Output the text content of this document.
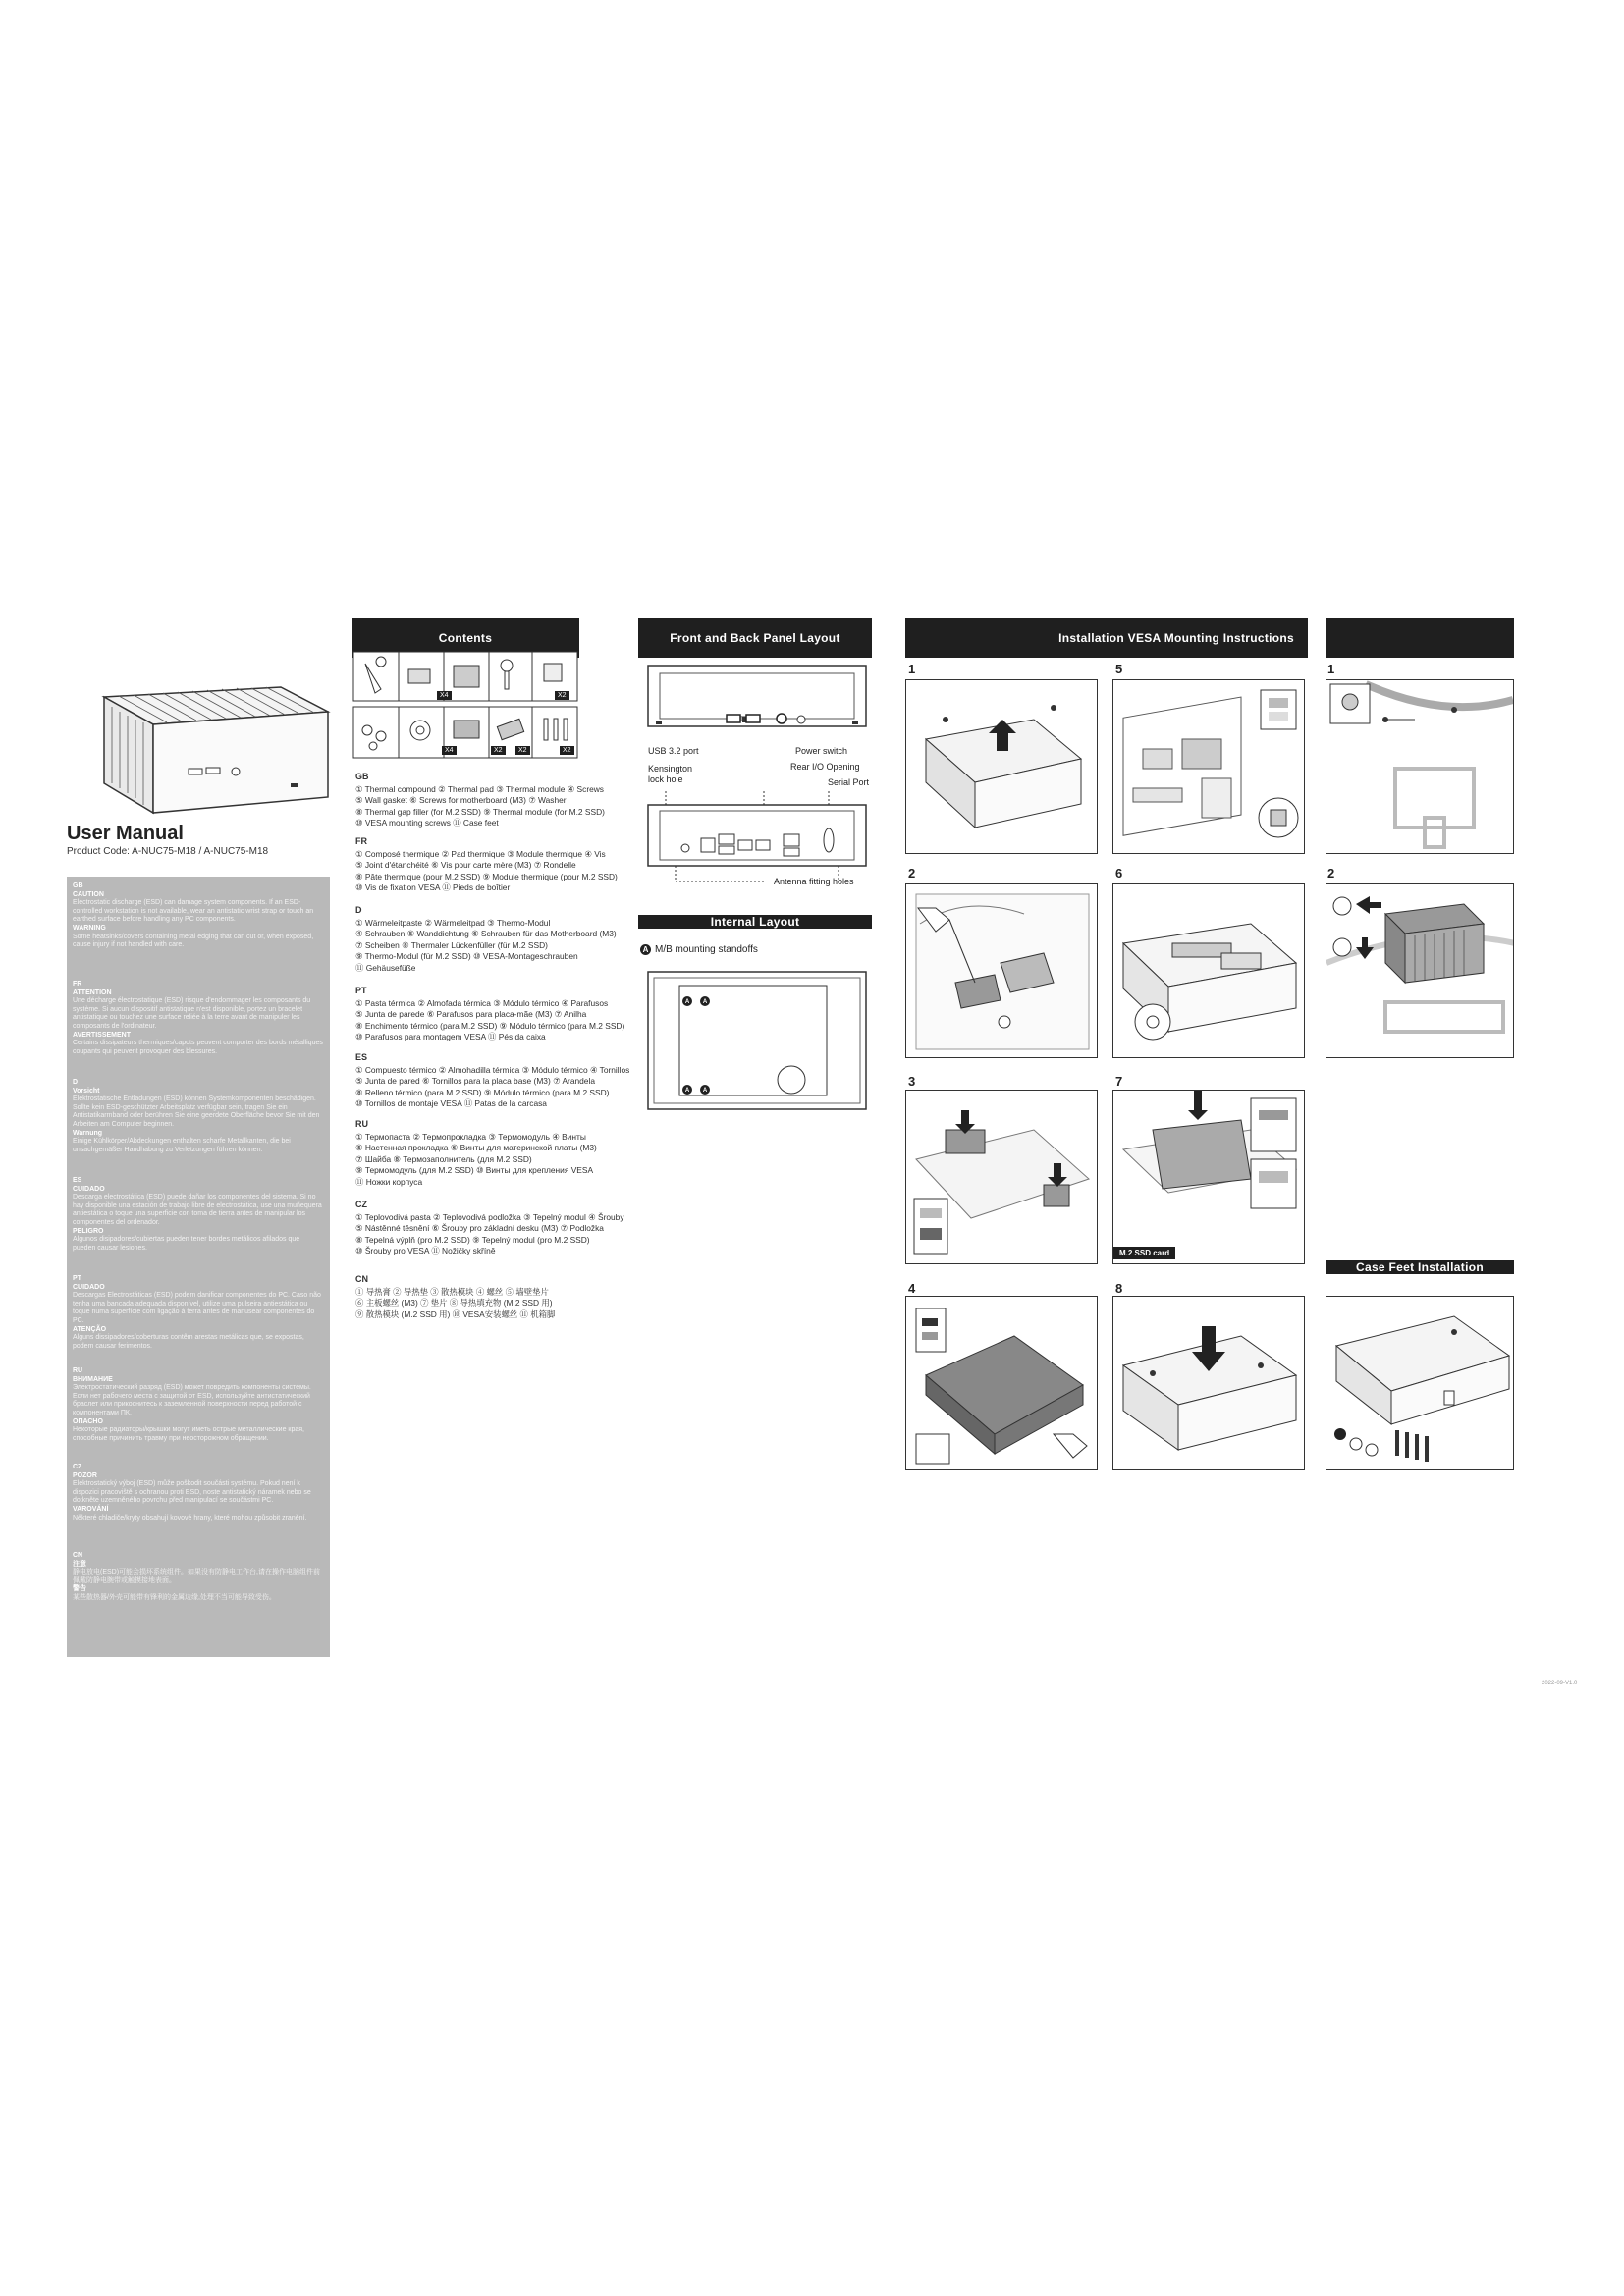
User Manual
Product Code: A-NUC75-M18 / A-NUC75-M18
GB
CAUTION
Electrostatic discharge (ESD) can damage system components. If an ESD-controlled workstation is not available, wear an antistatic wrist strap or touch an earthed surface before handling any PC components.
WARNING
Some heatsinks/covers containing metal edging that can cut or, when exposed, cause injury if not handled with care.
FR
ATTENTION
Une décharge électrostatique (ESD) risque d'endommager les composants du système. Si aucun dispositif antistatique n'est disponible, portez un bracelet antistatique ou touchez une surface reliée à la terre avant de manipuler les composants de l'ordinateur.
AVERTISSEMENT
Certains dissipateurs thermiques/capots peuvent comporter des bords métalliques coupants qui peuvent provoquer des blessures.
D
Vorsicht
Elektrostatische Entladungen (ESD) können Systemkomponenten beschädigen. Sollte kein ESD-geschützter Arbeitsplatz verfügbar sein, tragen Sie ein Antistatikarmband oder berühren Sie eine geerdete Oberfläche bevor Sie mit den Arbeiten am Computer beginnen.
Warnung
Einige Kühlkörper/Abdeckungen enthalten scharfe Metallkanten, die bei unsachgemäßer Handhabung zu Verletzungen führen können.
ES
CUIDADO
Descarga electrostática (ESD) puede dañar los componentes del sistema. Si no hay disponible una estación de trabajo libre de electrostática, use una muñequera antiestática o toque una superficie con toma de tierra antes de manipular los componentes del ordenador.
PELIGRO
Algunos disipadores/cubiertas pueden tener bordes metálicos afilados que pueden causar lesiones.
PT
CUIDADO
Descargas Electrostáticas (ESD) podem danificar componentes do PC. Caso não tenha uma bancada adequada disponível, utilize uma pulseira antiestática ou toque numa superfície com ligação à terra antes de manusear componentes do PC.
ATENÇÃO
Alguns dissipadores/coberturas contêm arestas metálicas que, se expostas, podem causar ferimentos.
RU
ВНИМАНИЕ
Электростатический разряд (ESD) может повредить компоненты системы. Если нет рабочего места с защитой от ESD, используйте антистатический браслет или прикоснитесь к заземленной поверхности перед работой с компонентами ПК.
ОПАСНО
Некоторые радиаторы/крышки могут иметь острые металлические края, способные причинить травму при неосторожном обращении.
CZ
POZOR
Elektrostatický výboj (ESD) může poškodit součásti systému. Pokud není k dispozici pracoviště s ochranou proti ESD, noste antistatický náramek nebo se dotkněte uzemněného povrchu před manipulací se součástmi PC.
VAROVÁNÍ
Některé chladiče/kryty obsahují kovové hrany, které mohou způsobit zranění.
CN
注意
静电放电(ESD)可能会损坏系统组件。如果没有防静电工作台,请在操作电脑组件前佩戴防静电腕带或触摸接地表面。
警告
某些散热器/外壳可能带有锋利的金属边缘,处理不当可能导致受伤。
Contents
X4	X2
X4	X2	X2	X2
GB
① Thermal compound ② Thermal pad ③ Thermal module ④ Screws
⑤ Wall gasket ⑥ Screws for motherboard (M3) ⑦ Washer
⑧ Thermal gap filler (for M.2 SSD) ⑨ Thermal module (for M.2 SSD)
⑩ VESA mounting screws ⑪ Case feet
FR
① Composé thermique ② Pad thermique ③ Module thermique ④ Vis
⑤ Joint d'étanchéité ⑥ Vis pour carte mère (M3) ⑦ Rondelle
⑧ Pâte thermique (pour M.2 SSD) ⑨ Module thermique (pour M.2 SSD)
⑩ Vis de fixation VESA ⑪ Pieds de boîtier
D
① Wärmeleitpaste ② Wärmeleitpad ③ Thermo-Modul
④ Schrauben ⑤ Wanddichtung ⑥ Schrauben für das Motherboard (M3)
⑦ Scheiben ⑧ Thermaler Lückenfüller (für M.2 SSD)
⑨ Thermo-Modul (für M.2 SSD) ⑩ VESA-Montageschrauben
⑪ Gehäusefüße
PT
① Pasta térmica ② Almofada térmica ③ Módulo térmico ④ Parafusos
⑤ Junta de parede ⑥ Parafusos para placa-mãe (M3) ⑦ Anilha
⑧ Enchimento térmico (para M.2 SSD) ⑨ Módulo térmico (para M.2 SSD)
⑩ Parafusos para montagem VESA ⑪ Pés da caixa
ES
① Compuesto térmico ② Almohadilla térmica ③ Módulo térmico ④ Tornillos
⑤ Junta de pared ⑥ Tornillos para la placa base (M3) ⑦ Arandela
⑧ Relleno térmico (para M.2 SSD) ⑨ Módulo térmico (para M.2 SSD)
⑩ Tornillos de montaje VESA ⑪ Patas de la carcasa
RU
① Термопаста ② Термопрокладка ③ Термомодуль ④ Винты
⑤ Настенная прокладка ⑥ Винты для материнской платы (M3)
⑦ Шайба ⑧ Термозаполнитель (для M.2 SSD)
⑨ Термомодуль (для M.2 SSD) ⑩ Винты для крепления VESA
⑪ Ножки корпуса
CZ
① Teplovodivá pasta ② Teplovodivá podložka ③ Tepelný modul ④ Šrouby
⑤ Nástěnné těsnění ⑥ Šrouby pro základní desku (M3) ⑦ Podložka
⑧ Tepelná výplň (pro M.2 SSD) ⑨ Tepelný modul (pro M.2 SSD)
⑩ Šrouby pro VESA ⑪ Nožičky skříně
CN
① 导热膏 ② 导热垫 ③ 散热模块 ④ 螺丝 ⑤ 墙壁垫片
⑥ 主板螺丝 (M3) ⑦ 垫片 ⑧ 导热填充物 (M.2 SSD 用)
⑨ 散热模块 (M.2 SSD 用) ⑩ VESA安装螺丝 ⑪ 机箱脚
Front and Back Panel Layout
USB 3.2 port	Power switch
Kensington lock hole
Rear I/O Opening
Serial Port
Antenna fitting holes
Internal Layout
A M/B mounting standoffs
A A
A A
Installation VESA Mounting Instructions
1	5
2	6
3	7
4	8
M.2 SSD card
1
2
Case Feet Installation
2022-09-V1.0
